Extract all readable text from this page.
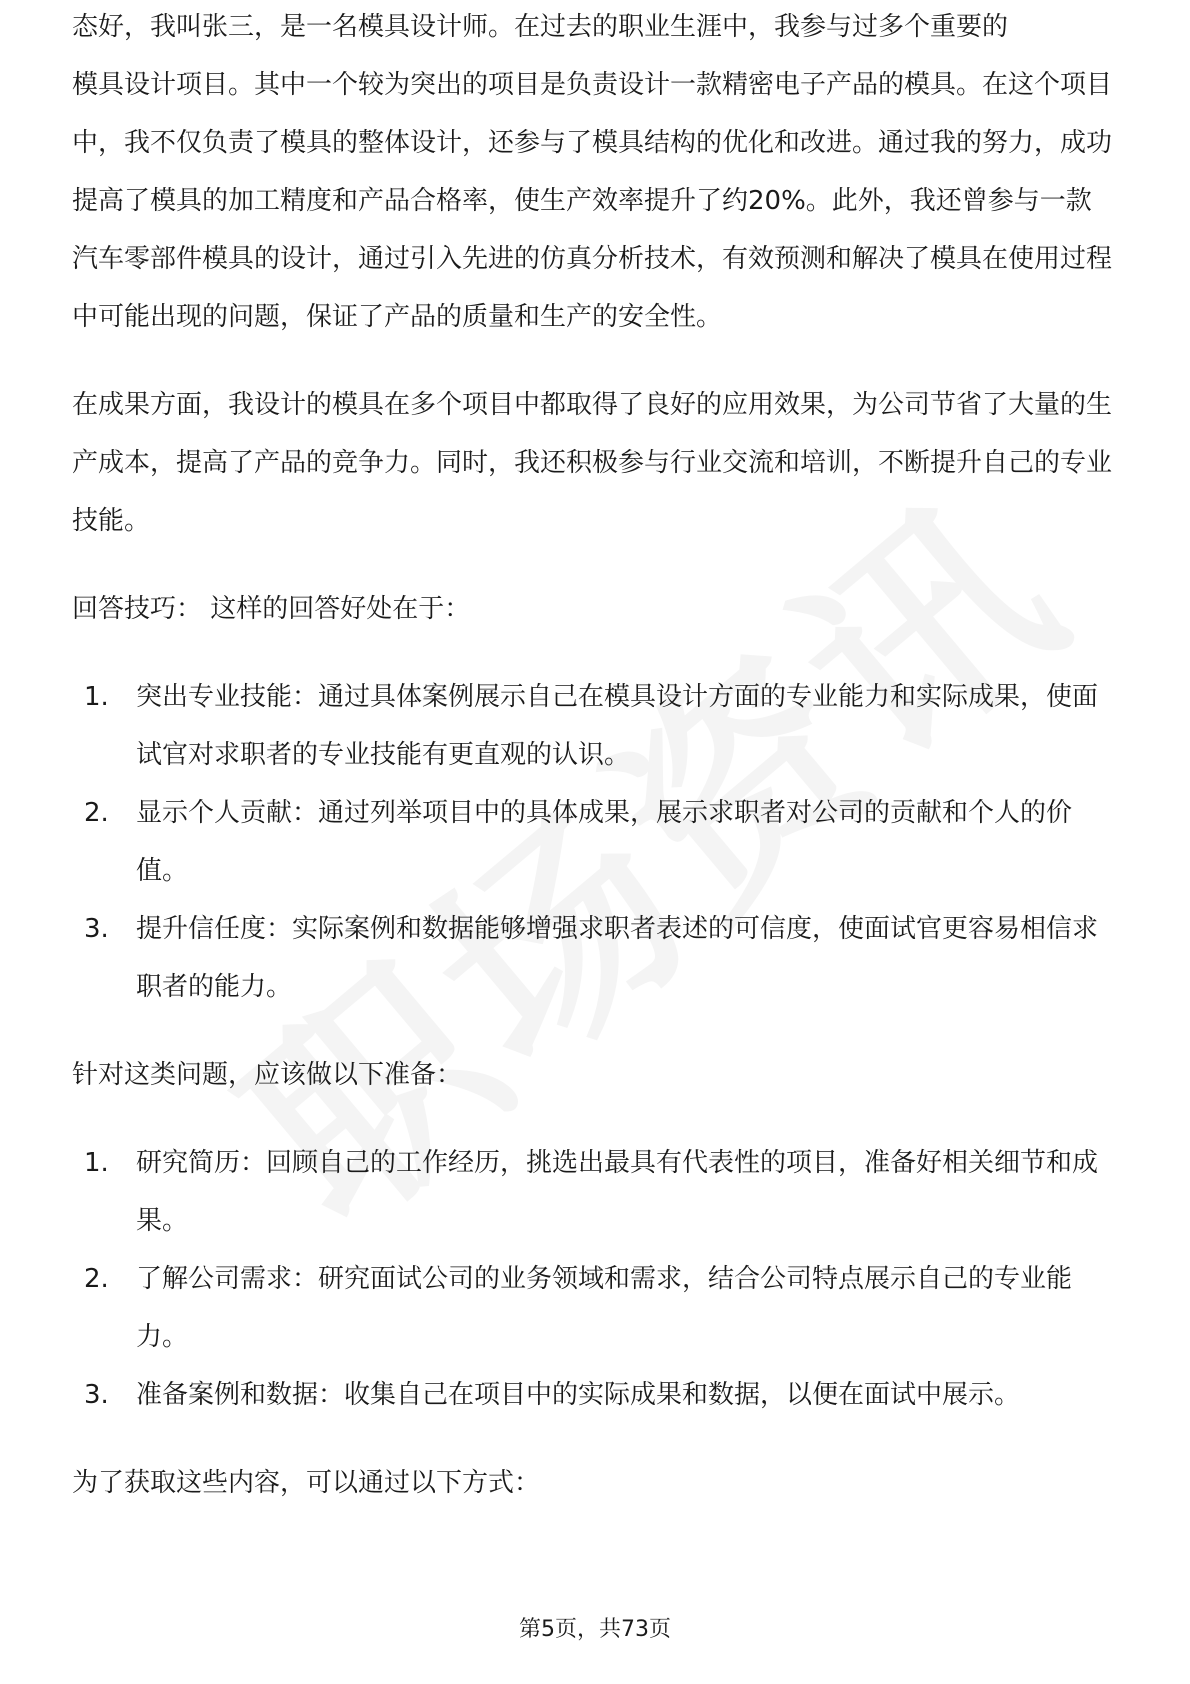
态好，我叫张三，是一名模具设计师。在过去的职业生涯中，我参与过多个重要的

模具设计项目。其中一个较为突出的项目是负责设计一款精密电子产品的模具。在这个项目中，我不仅负责了模具的整体设计，还参与了模具结构的优化和改进。通过我的努力，成功提高了模具的加工精度和产品合格率，使生产效率提升了约20%。此外，我还曾参与一款汽车零部件模具的设计，通过引入先进的仿真分析技术，有效预测和解决了模具在使用过程中可能出现的问题，保证了产品的质量和生产的安全性。

在成果方面，我设计的模具在多个项目中都取得了良好的应用效果，为公司节省了大量的生产成本，提高了产品的竞争力。同时，我还积极参与行业交流和培训，不断提升自己的专业技能。

回答技巧： 这样的回答好处在于：

1. 突出专业技能：通过具体案例展示自己在模具设计方面的专业能力和实际成果，使面试官对求职者的专业技能有更直观的认识。
2. 显示个人贡献：通过列举项目中的具体成果，展示求职者对公司的贡献和个人的价值。
3. 提升信任度：实际案例和数据能够增强求职者表述的可信度，使面试官更容易相信求职者的能力。

针对这类问题，应该做以下准备：

1. 研究简历：回顾自己的工作经历，挑选出最具有代表性的项目，准备好相关细节和成果。
2. 了解公司需求：研究面试公司的业务领域和需求，结合公司特点展示自己的专业能力。
3. 准备案例和数据：收集自己在项目中的实际成果和数据，以便在面试中展示。

为了获取这些内容，可以通过以下方式：

第5页，共73页
